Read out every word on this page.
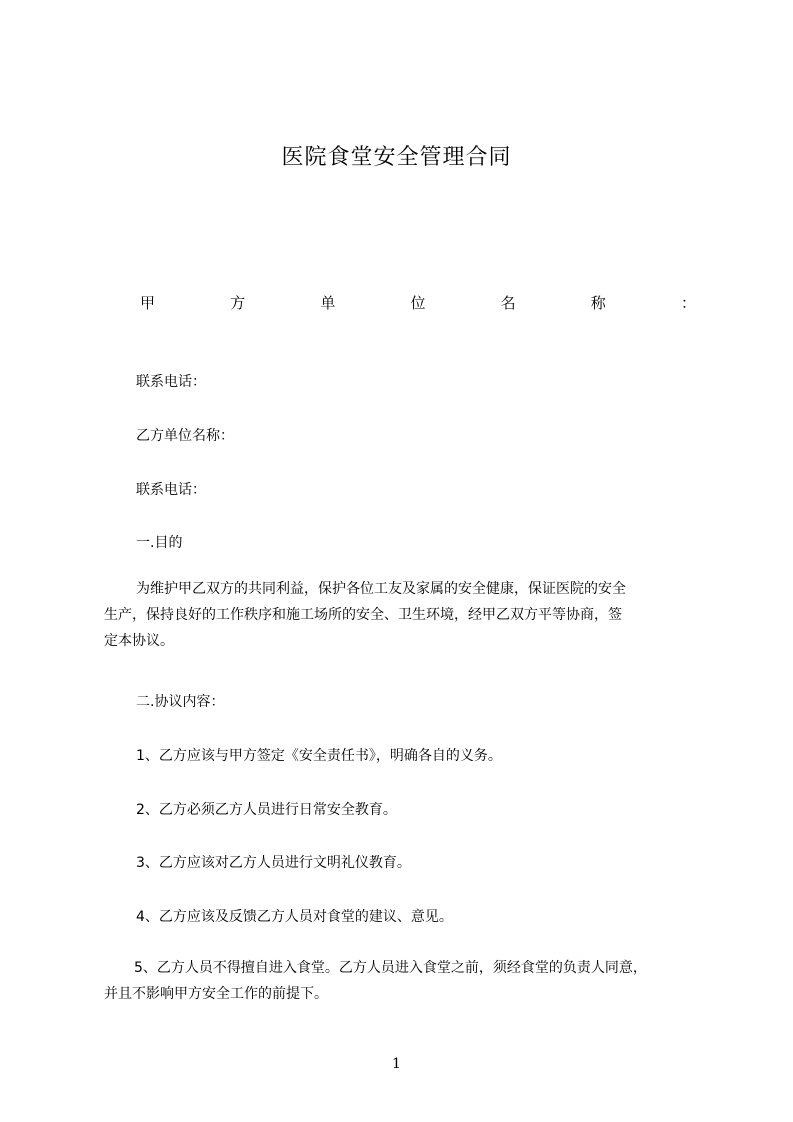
医院食堂安全管理合同
甲	方	单	位	名	称	：
联系电话：
乙方单位名称：
联系电话：
一.目的
为维护甲乙双方的共同利益，保护各位工友及家属的安全健康，保证医院的安全
生产，保持良好的工作秩序和施工场所的安全、卫生环境，经甲乙双方平等协商，签
定本协议。
二.协议内容：
1、乙方应该与甲方签定《安全责任书》，明确各自的义务。
2、乙方必须乙方人员进行日常安全教育。
3、乙方应该对乙方人员进行文明礼仪教育。
4、乙方应该及反馈乙方人员对食堂的建议、意见。
5、乙方人员不得擅自进入食堂。乙方人员进入食堂之前，须经食堂的负责人同意，
并且不影响甲方安全工作的前提下。
1
